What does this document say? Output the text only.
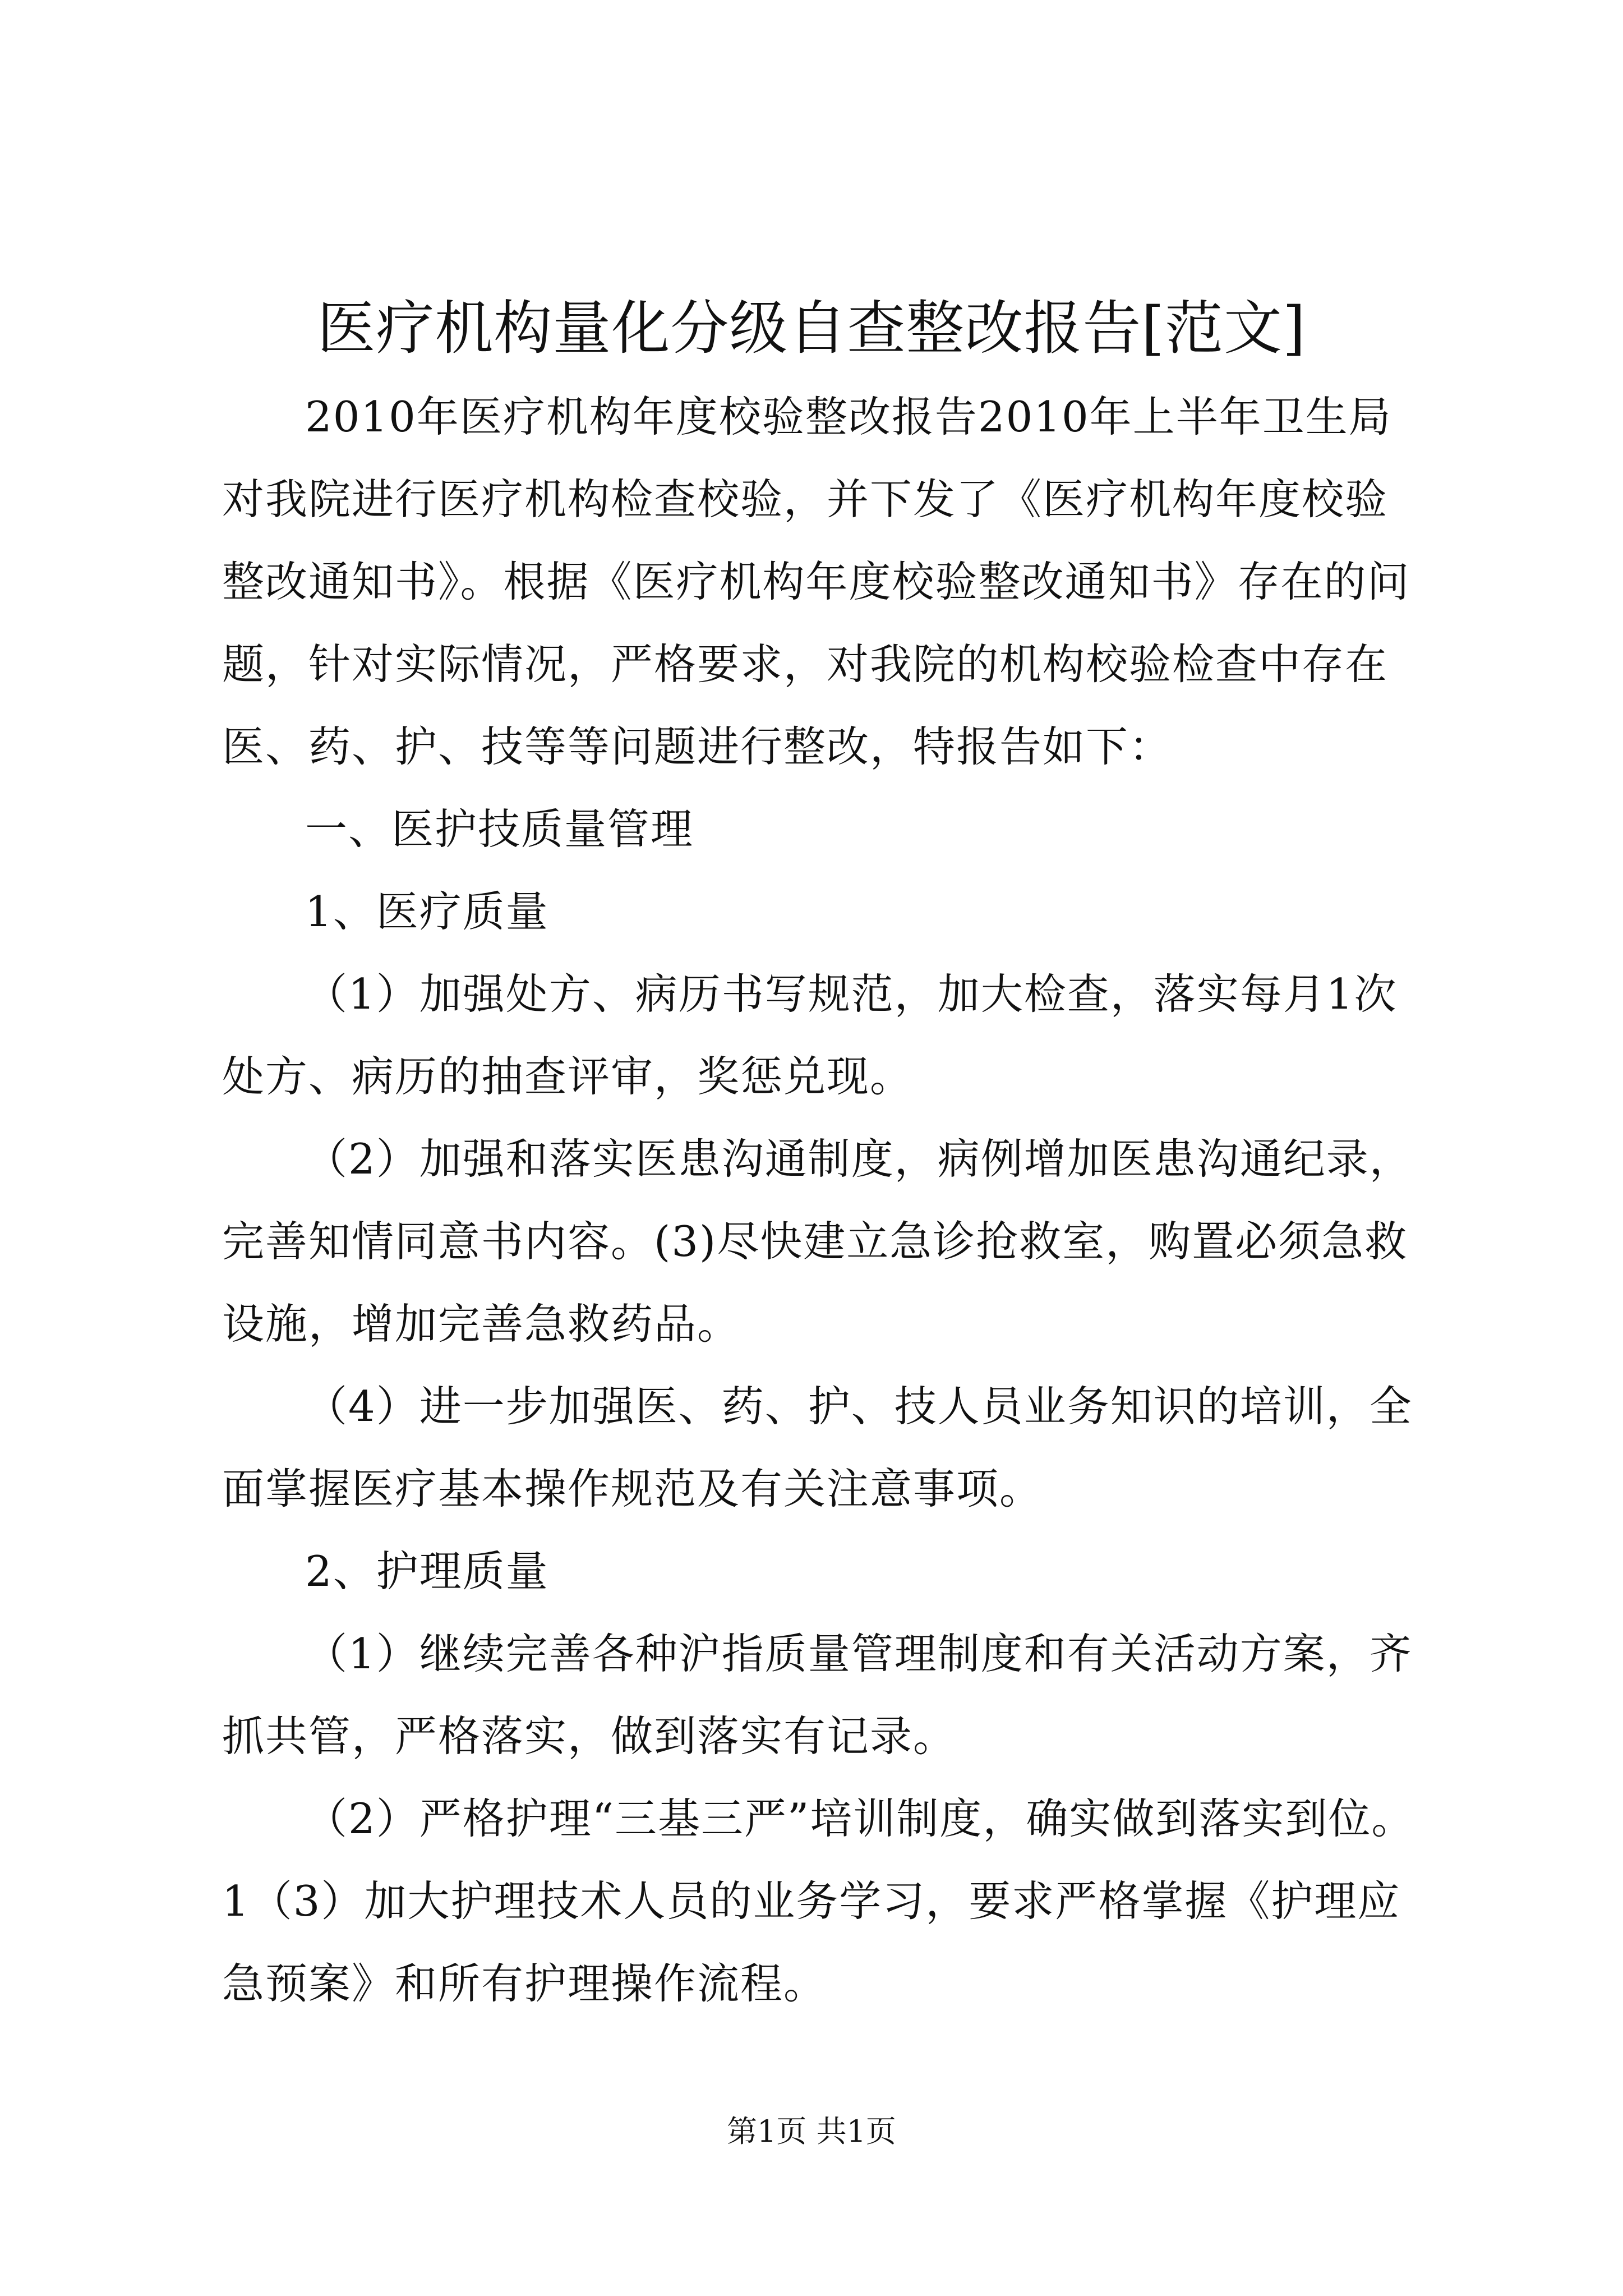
医疗机构量化分级自查整改报告[范文]

2010年医疗机构年度校验整改报告2010年上半年卫生局对我院进行医疗机构检查校验，并下发了《医疗机构年度校验整改通知书》。根据《医疗机构年度校验整改通知书》存在的问题，针对实际情况，严格要求，对我院的机构校验检查中存在医、药、护、技等等问题进行整改，特报告如下：

一、医护技质量管理

1、医疗质量

（1）加强处方、病历书写规范，加大检查，落实每月1次处方、病历的抽查评审，奖惩兑现。

（2）加强和落实医患沟通制度，病例增加医患沟通纪录，完善知情同意书内容。(3)尽快建立急诊抢救室，购置必须急救设施，增加完善急救药品。

（4）进一步加强医、药、护、技人员业务知识的培训，全面掌握医疗基本操作规范及有关注意事项。

2、护理质量

（1）继续完善各种沪指质量管理制度和有关活动方案，齐抓共管，严格落实，做到落实有记录。

（2）严格护理“三基三严”培训制度，确实做到落实到位。1（3）加大护理技术人员的业务学习，要求严格掌握《护理应急预案》和所有护理操作流程。

第1页 共1页
